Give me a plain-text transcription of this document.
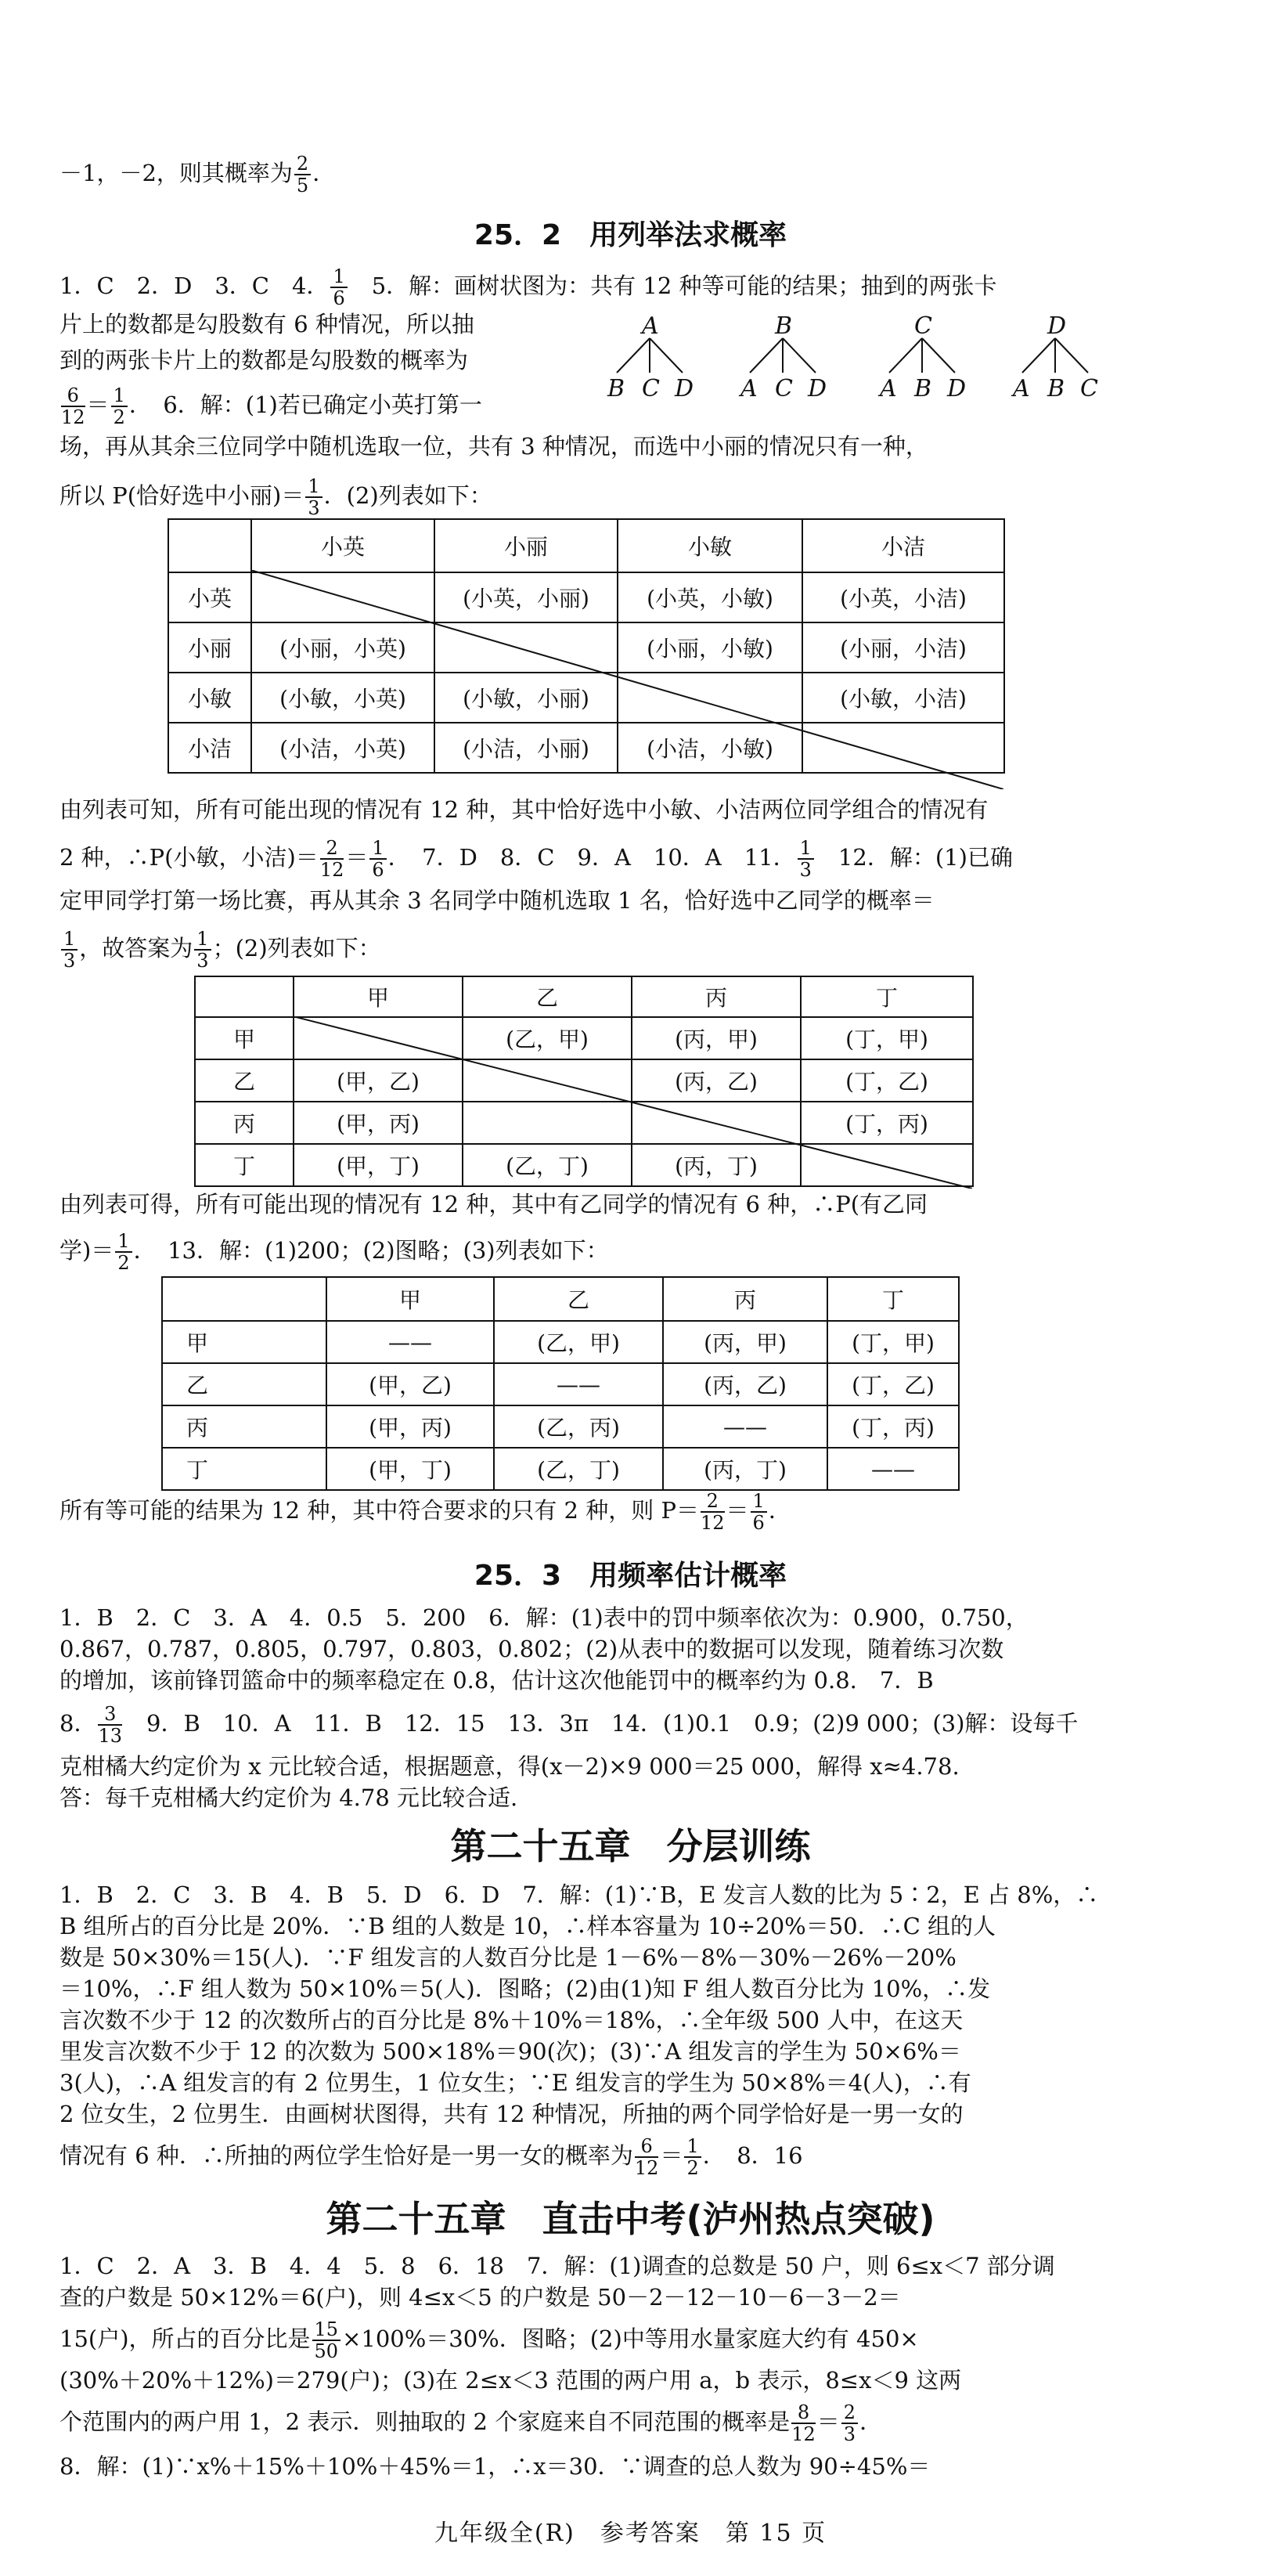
－1，－2，则其概率为 $\frac{2}{5}$ ．
25．2　用列举法求概率
1．C　2．D　3．C　4． $\frac{1}{6}$ 　5．解：画树状图为：共有 12 种等可能的结果；抽到的两张卡
片上的数都是勾股数有 6 种情况，所以抽
到的两张卡片上的数都是勾股数的概率为
$\frac{6}{12} = \frac{1}{2}$ ．　6．解：(1)若已确定小英打第一
A
B C D
B
A C D
C
A B D
D
A B C
场，再从其余三位同学中随机选取一位，共有 3 种情况，而选中小丽的情况只有一种，
所以 P(恰好选中小丽)＝ $\frac{1}{3}$ ．(2)列表如下：
	小英	小丽	小敏	小洁
小英		(小英，小丽)	(小英，小敏)	(小英，小洁)
小丽	(小丽，小英)		(小丽，小敏)	(小丽，小洁)
小敏	(小敏，小英)	(小敏，小丽)		(小敏，小洁)
小洁	(小洁，小英)	(小洁，小丽)	(小洁，小敏)	
由列表可知，所有可能出现的情况有 12 种，其中恰好选中小敏、小洁两位同学组合的情况有
2 种，∴P(小敏，小洁)＝ $\frac{2}{12} = \frac{1}{6}$ ．　7．D　8．C　9．A　10．A　11． $\frac{1}{3}$ 　12．解：(1)已确
定甲同学打第一场比赛，再从其余 3 名同学中随机选取 1 名，恰好选中乙同学的概率＝
$\frac{1}{3}$ ，故答案为 $\frac{1}{3}$ ；(2)列表如下：
	甲	乙	丙	丁
甲		(乙，甲)	(丙，甲)	(丁，甲)
乙	(甲，乙)		(丙，乙)	(丁，乙)
丙	(甲，丙)			(丁，丙)
丁	(甲，丁)	(乙，丁)	(丙，丁)	
由列表可得，所有可能出现的情况有 12 种，其中有乙同学的情况有 6 种，∴P(有乙同
学)＝ $\frac{1}{2}$ ．　13．解：(1)200；(2)图略；(3)列表如下：
	甲	乙	丙	丁
甲	——	(乙，甲)	(丙，甲)	(丁，甲)
乙	(甲，乙)	——	(丙，乙)	(丁，乙)
丙	(甲，丙)	(乙，丙)	——	(丁，丙)
丁	(甲，丁)	(乙，丁)	(丙，丁)	——
所有等可能的结果为 12 种，其中符合要求的只有 2 种，则 $P= \frac{2}{12} = \frac{1}{6}$ ．
25．3　用频率估计概率
1．B　2．C　3．A　4．0.5　5．200　6．解：(1)表中的罚中频率依次为：0.900，0.750，
0.867，0.787，0.805，0.797，0.803，0.802；(2)从表中的数据可以发现，随着练习次数
的增加，该前锋罚篮命中的频率稳定在 0.8，估计这次他能罚中的概率约为 0.8.　7．B
8． $\frac{3}{13}$ 　9．B　10．A　11．B　12．15　13．3π　14．(1)0.1　0.9；(2)9 000；(3)解：设每千
克柑橘大约定价为 x 元比较合适，根据题意，得(x－2)×9 000＝25 000，解得 x≈4.78.
答：每千克柑橘大约定价为 4.78 元比较合适.
第二十五章　分层训练
1．B　2．C　3．B　4．B　5．D　6．D　7．解：(1)∵B，E 发言人数的比为 5∶2，E 占 8%，∴
B 组所占的百分比是 20%．∵B 组的人数是 10，∴样本容量为 10÷20%＝50．∴C 组的人
数是 50×30%＝15(人)．∵F 组发言的人数百分比是 1－6%－8%－30%－26%－20%
＝10%，∴F 组人数为 50×10%＝5(人)．图略；(2)由(1)知 F 组人数百分比为 10%，∴发
言次数不少于 12 的次数所占的百分比是 8%＋10%＝18%，∴全年级 500 人中，在这天
里发言次数不少于 12 的次数为 500×18%＝90(次)；(3)∵A 组发言的学生为 50×6%＝
3(人)，∴A 组发言的有 2 位男生，1 位女生；∵E 组发言的学生为 50×8%＝4(人)，∴有
2 位女生，2 位男生．由画树状图得，共有 12 种情况，所抽的两个同学恰好是一男一女的
情况有 6 种．∴所抽的两位学生恰好是一男一女的概率为 $\frac{6}{12} = \frac{1}{2}$ ．　8．16
第二十五章　直击中考(泸州热点突破)
1．C　2．A　3．B　4．4　5．8　6．18　7．解：(1)调查的总数是 50 户，则 6≤x＜7 部分调
查的户数是 50×12%＝6(户)，则 4≤x＜5 的户数是 50－2－12－10－6－3－2＝
15(户)，所占的百分比是 $\frac{15}{50} \times 100\%=30\%$．图略；(2)中等用水量家庭大约有 450×
(30%＋20%＋12%)＝279(户)；(3)在 2≤x＜3 范围的两户用 a，b 表示，8≤x＜9 这两
个范围内的两户用 1，2 表示．则抽取的 2 个家庭来自不同范围的概率是 $\frac{8}{12} = \frac{2}{3}$ ．
8．解：(1)∵x%＋15%＋10%＋45%＝1，∴x＝30．∵调查的总人数为 90÷45%＝
九年级全(R)　参考答案　第 15 页
